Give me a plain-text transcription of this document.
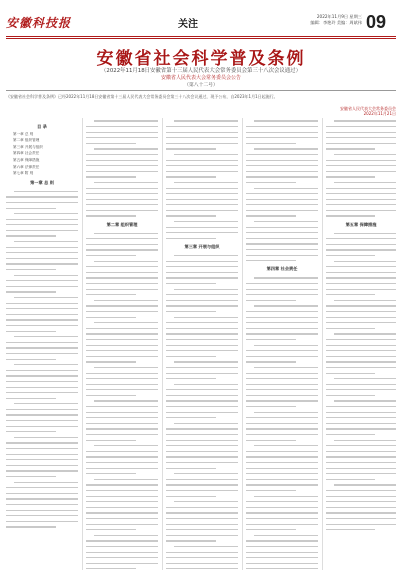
安徽科技报	关注
2022年11月9日 星期三
编辑：李艳玲 美编：周斌伟 09
安徽省社会科学普及条例
（2022年11月18日安徽省第十三届人民代表大会常务委员会第三十八次会议通过）
安徽省人民代表大会常务委员会公告
（第八十二号）
《安徽省社会科学普及条例》已经2022年11月18日安徽省第十三届人民代表大会常务委员会第三十八次会议通过，现予公布，自2023年1月1日起施行。
安徽省人民代表大会常务委员会
2022年11月21日
目 录

第一章 总 则

第二章 组织管理

第三章 开展与组织

第四章 社会责任

第五章 保障措施

第六章 法律责任

第七章 附 则

第一章 总 则
第二章 组织管理
第三章 开展与组织
第四章 社会责任
第五章 保障措施
